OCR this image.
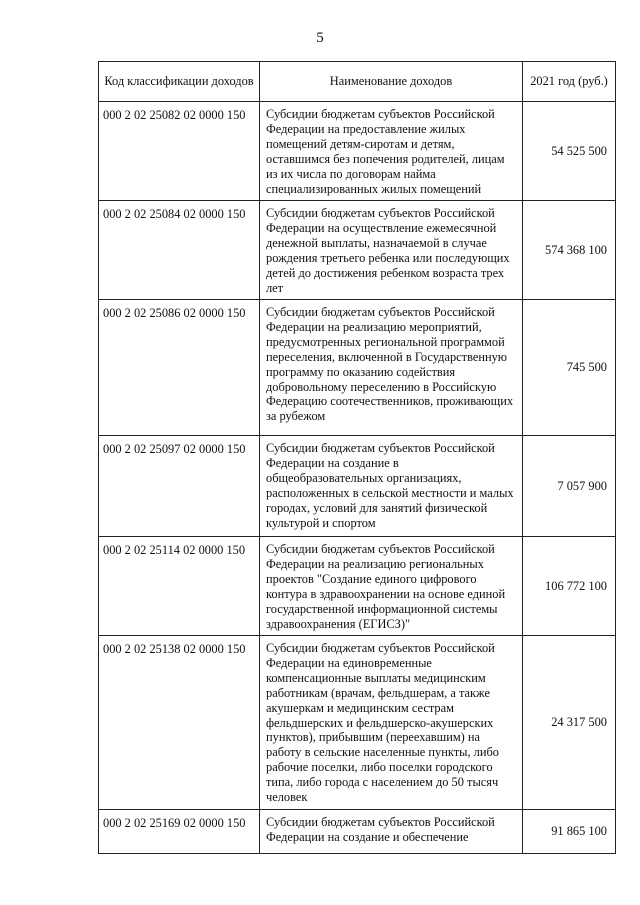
5
Код классификации доходов	Наименование доходов	2021 год (руб.)

000 2 02 25082 02 0000 150	Субсидии бюджетам субъектов Российской Федерации на предоставление жилых помещений детям-сиротам и детям, оставшимся без попечения родителей, лицам из их числа по договорам найма специализированных жилых помещений	54 525 500
000 2 02 25084 02 0000 150	Субсидии бюджетам субъектов Российской Федерации на осуществление ежемесячной денежной выплаты, назначаемой в случае рождения третьего ребенка или последующих детей до достижения ребенком возраста трех лет	574 368 100
000 2 02 25086 02 0000 150	Субсидии бюджетам субъектов Российской Федерации на реализацию мероприятий, предусмотренных региональной программой переселения, включенной в Государственную программу по оказанию содействия добровольному переселению в Российскую Федерацию соотечественников, проживающих за рубежом	745 500
000 2 02 25097 02 0000 150	Субсидии бюджетам субъектов Российской Федерации на создание в общеобразовательных организациях, расположенных в сельской местности и малых городах, условий для занятий физической культурой и спортом	7 057 900
000 2 02 25114 02 0000 150	Субсидии бюджетам субъектов Российской Федерации на реализацию региональных проектов "Создание единого цифрового контура в здравоохранении на основе единой государственной информационной системы здравоохранения (ЕГИСЗ)"	106 772 100
000 2 02 25138 02 0000 150	Субсидии бюджетам субъектов Российской Федерации на единовременные компенсационные выплаты медицинским работникам (врачам, фельдшерам, а также акушеркам и медицинским сестрам фельдшерских и фельдшерско-акушерских пунктов), прибывшим (переехавшим) на работу в сельские населенные пункты, либо рабочие поселки, либо поселки городского типа, либо города с населением до 50 тысяч человек	24 317 500
000 2 02 25169 02 0000 150	Субсидии бюджетам субъектов Российской Федерации на создание и обеспечение	91 865 100
